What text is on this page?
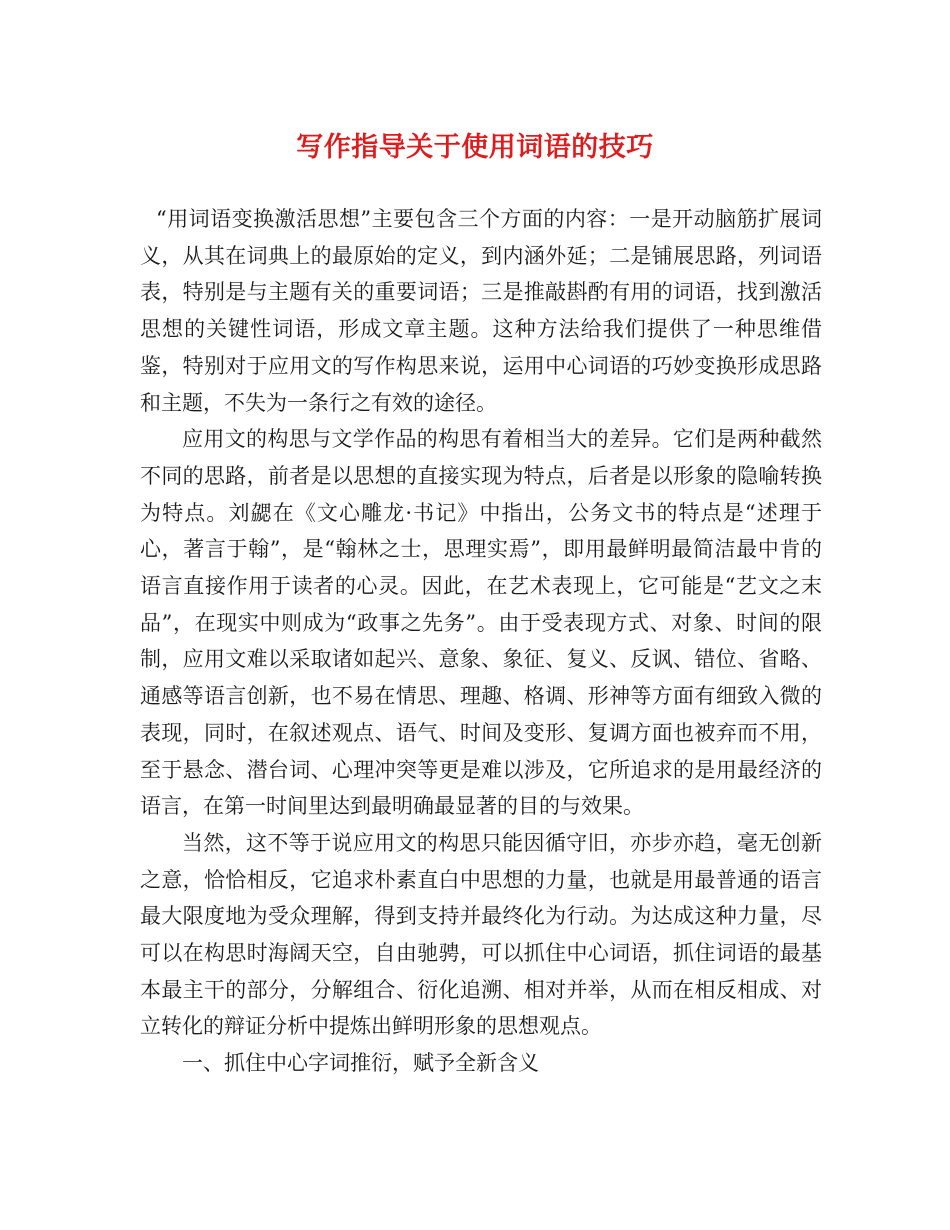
写作指导关于使用词语的技巧

“用词语变换激活思想”主要包含三个方面的内容：一是开动脑筋扩展词义，从其在词典上的最原始的定义，到内涵外延；二是铺展思路，列词语表，特别是与主题有关的重要词语；三是推敲斟酌有用的词语，找到激活思想的关键性词语，形成文章主题。这种方法给我们提供了一种思维借鉴，特别对于应用文的写作构思来说，运用中心词语的巧妙变换形成思路和主题，不失为一条行之有效的途径。

应用文的构思与文学作品的构思有着相当大的差异。它们是两种截然不同的思路，前者是以思想的直接实现为特点，后者是以形象的隐喻转换为特点。刘勰在《文心雕龙·书记》中指出，公务文书的特点是“述理于心，著言于翰”，是“翰林之士，思理实焉”，即用最鲜明最简洁最中肯的语言直接作用于读者的心灵。因此，在艺术表现上，它可能是“艺文之末品”，在现实中则成为“政事之先务”。由于受表现方式、对象、时间的限制，应用文难以采取诸如起兴、意象、象征、复义、反讽、错位、省略、通感等语言创新，也不易在情思、理趣、格调、形神等方面有细致入微的表现，同时，在叙述观点、语气、时间及变形、复调方面也被弃而不用，至于悬念、潜台词、心理冲突等更是难以涉及，它所追求的是用最经济的语言，在第一时间里达到最明确最显著的目的与效果。

当然，这不等于说应用文的构思只能因循守旧，亦步亦趋，毫无创新之意，恰恰相反，它追求朴素直白中思想的力量，也就是用最普通的语言最大限度地为受众理解，得到支持并最终化为行动。为达成这种力量，尽可以在构思时海阔天空，自由驰骋，可以抓住中心词语，抓住词语的最基本最主干的部分，分解组合、衍化追溯、相对并举，从而在相反相成、对立转化的辩证分析中提炼出鲜明形象的思想观点。

一、抓住中心字词推衍，赋予全新含义
